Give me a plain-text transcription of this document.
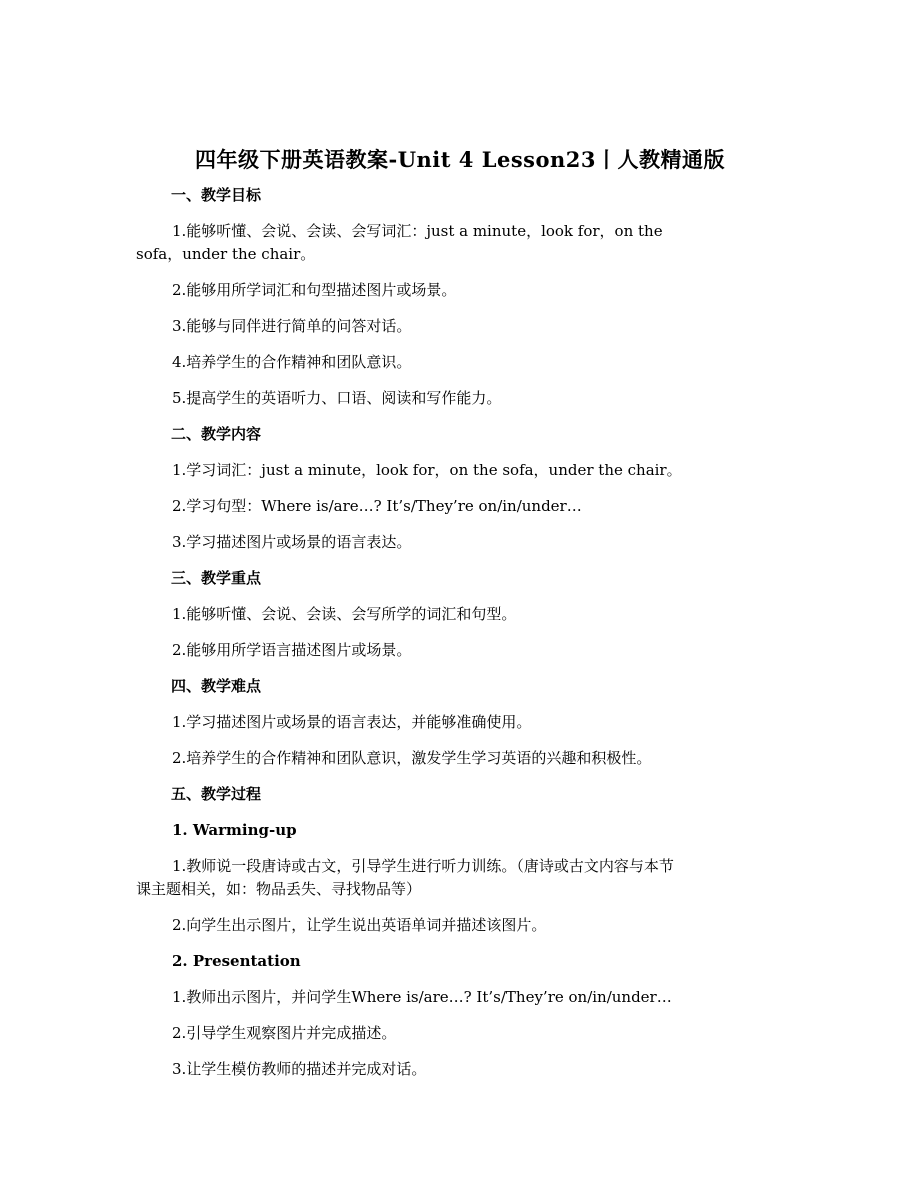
四年级下册英语教案-Unit 4 Lesson23丨人教精通版
一、教学目标
1.能够听懂、会说、会读、会写词汇：just a minute，look for，on the
sofa，under the chair。
2.能够用所学词汇和句型描述图片或场景。
3.能够与同伴进行简单的问答对话。
4.培养学生的合作精神和团队意识。
5.提高学生的英语听力、口语、阅读和写作能力。
二、教学内容
1.学习词汇：just a minute，look for，on the sofa，under the chair。
2.学习句型：Where is/are…? It’s/They’re on/in/under…
3.学习描述图片或场景的语言表达。
三、教学重点
1.能够听懂、会说、会读、会写所学的词汇和句型。
2.能够用所学语言描述图片或场景。
四、教学难点
1.学习描述图片或场景的语言表达，并能够准确使用。
2.培养学生的合作精神和团队意识，激发学生学习英语的兴趣和积极性。
五、教学过程
1. Warming-up
1.教师说一段唐诗或古文，引导学生进行听力训练。（唐诗或古文内容与本节
课主题相关，如：物品丢失、寻找物品等）
2.向学生出示图片，让学生说出英语单词并描述该图片。
2. Presentation
1.教师出示图片，并问学生Where is/are…? It’s/They’re on/in/under…
2.引导学生观察图片并完成描述。
3.让学生模仿教师的描述并完成对话。
